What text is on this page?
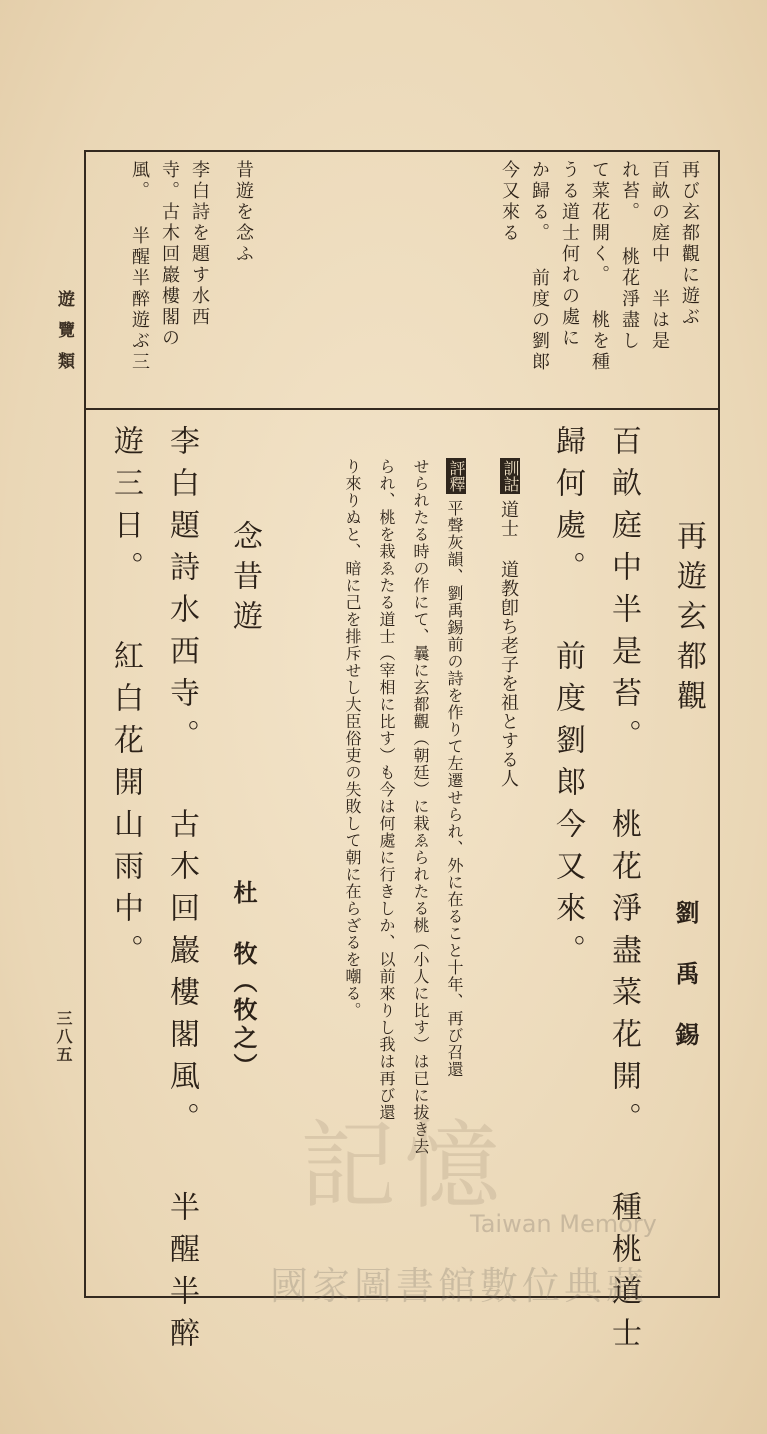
遊覽類
三八五
再び玄都觀に遊ぶ
百畝の庭中 半は是
れ苔。 桃花淨盡し
て菜花開く。 桃を種
うる道士何れの處に
か歸る。 前度の劉郞
今又來る
昔遊を念ふ
李白詩を題す水西
寺。古木回巖樓閣の
風。 半醒半醉遊ぶ三
再遊玄都觀
劉 禹 錫
百畝庭中半是苔。 桃花淨盡菜花開。 種桃道士
歸何處。 前度劉郞今又來。
訓詁
道士 道教卽ち老子を祖とする人
評釋
平聲灰韻、劉禹錫前の詩を作りて左遷せられ、外に在ること十年、再び召還
せられたる時の作にて、曩に玄都觀（朝廷）に栽ゑられたる桃（小人に比す）は已に拔き去
られ、桃を栽ゑたる道士（宰相に比す）も今は何處に行きしか、以前來りし我は再び還
り來りぬと、暗に己を排斥せし大臣俗吏の失敗して朝に在らざるを嘲る。
念昔遊
杜 牧（牧之）
李白題詩水西寺。 古木回巖樓閣風。 半醒半醉
遊三日。 紅白花開山雨中。
記憶
Taiwan Memory
國家圖書館數位典藏
